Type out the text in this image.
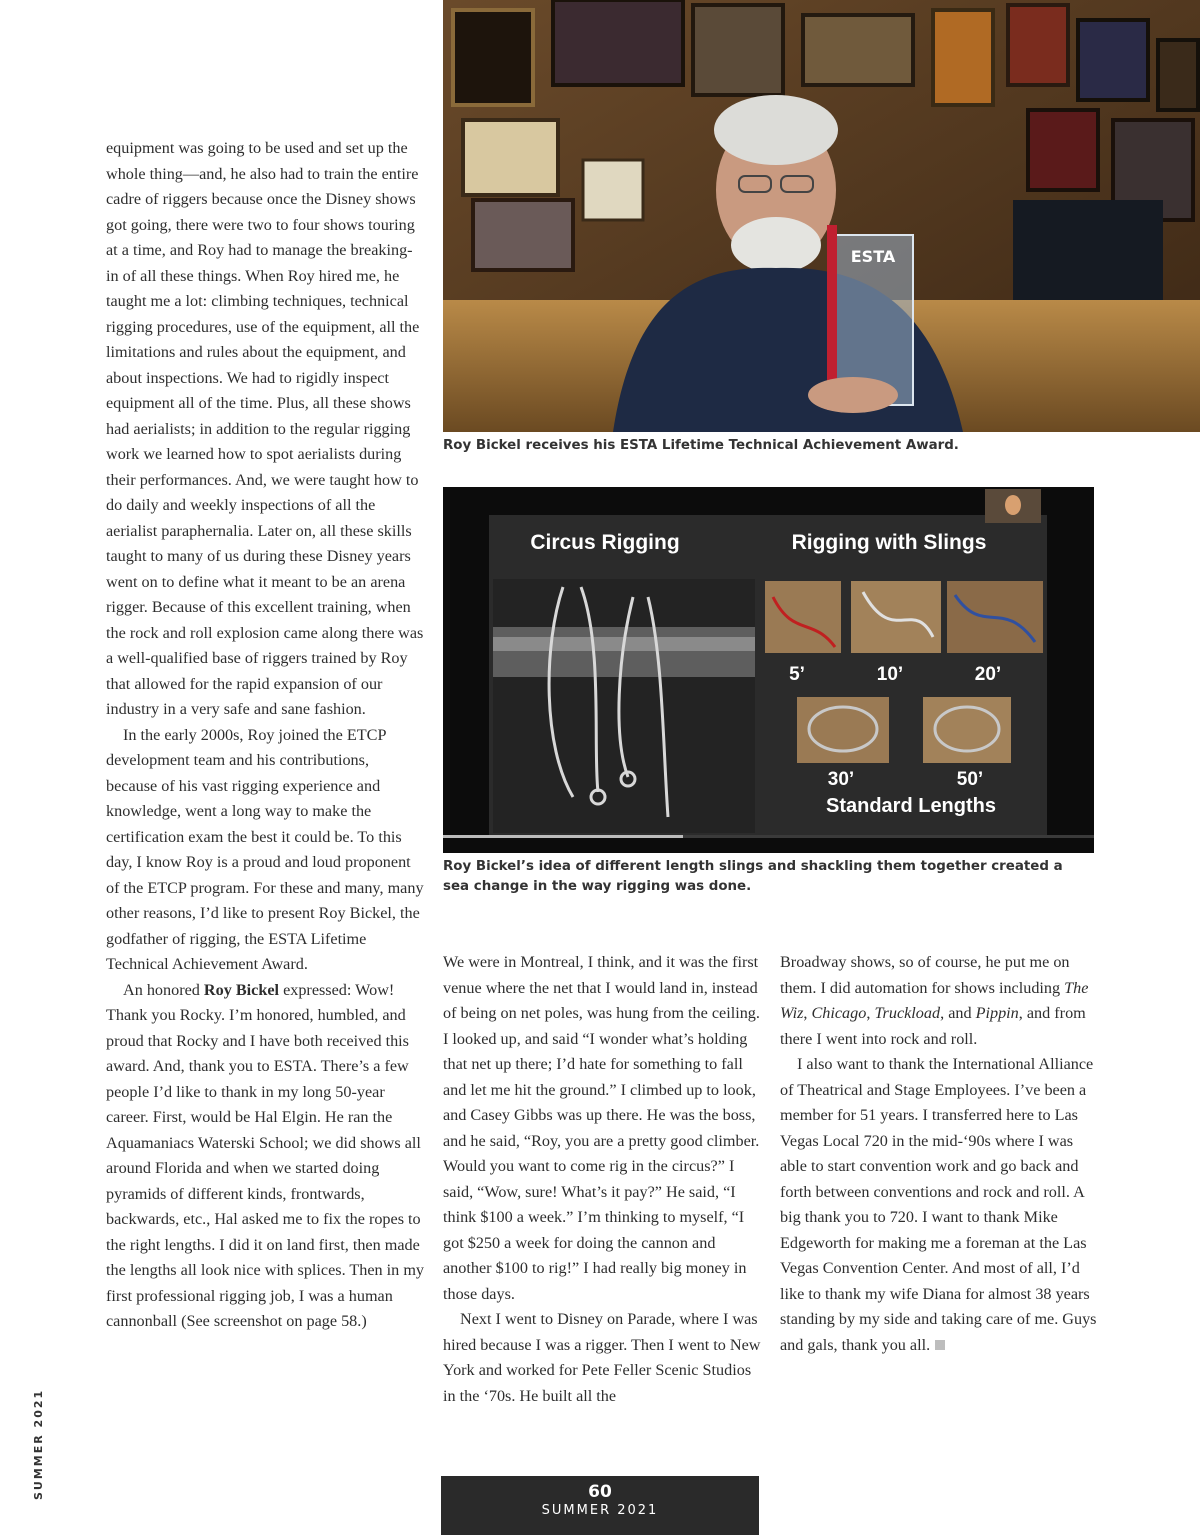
ESTA
Roy Bickel receives his ESTA Lifetime Technical Achievement Award.
Circus Rigging	Rigging with Slings
5’	10’	20’
30’	50’
Standard Lengths
Roy Bickel’s idea of different length slings and shackling them together created a sea change in the way rigging was done.

equipment was going to be used and set up the whole thing—and, he also had to train the entire cadre of riggers because once the Disney shows got going, there were two to four shows touring at a time, and Roy had to manage the breaking-in of all these things. When Roy hired me, he taught me a lot: climbing techniques, technical rigging procedures, use of the equipment, all the limitations and rules about the equipment, and about inspections. We had to rigidly inspect equipment all of the time. Plus, all these shows had aerialists; in addition to the regular rigging work we learned how to spot aerialists during their performances. And, we were taught how to do daily and weekly inspections of all the aerialist paraphernalia. Later on, all these skills taught to many of us during these Disney years went on to define what it meant to be an arena rigger. Because of this excellent training, when the rock and roll explosion came along there was a well-qualified base of riggers trained by Roy that allowed for the rapid expansion of our industry in a very safe and sane fashion.

In the early 2000s, Roy joined the ETCP development team and his contributions, because of his vast rigging experience and knowledge, went a long way to make the certification exam the best it could be. To this day, I know Roy is a proud and loud proponent of the ETCP program. For these and many, many other reasons, I’d like to present Roy Bickel, the godfather of rigging, the ESTA Lifetime Technical Achievement Award.

An honored Roy Bickel expressed: Wow! Thank you Rocky. I’m honored, humbled, and proud that Rocky and I have both received this award. And, thank you to ESTA. There’s a few people I’d like to thank in my long 50-year career. First, would be Hal Elgin. He ran the Aquamaniacs Waterski School; we did shows all around Florida and when we started doing pyramids of different kinds, frontwards, backwards, etc., Hal asked me to fix the ropes to the right lengths. I did it on land first, then made the lengths all look nice with splices. Then in my first professional rigging job, I was a human cannonball (See screenshot on page 58.)

We were in Montreal, I think, and it was the first venue where the net that I would land in, instead of being on net poles, was hung from the ceiling. I looked up, and said “I wonder what’s holding that net up there; I’d hate for something to fall and let me hit the ground.” I climbed up to look, and Casey Gibbs was up there. He was the boss, and he said, “Roy, you are a pretty good climber. Would you want to come rig in the circus?” I said, “Wow, sure! What’s it pay?” He said, “I think $100 a week.” I’m thinking to myself, “I got $250 a week for doing the cannon and another $100 to rig!” I had really big money in those days.

Next I went to Disney on Parade, where I was hired because I was a rigger. Then I went to New York and worked for Pete Feller Scenic Studios in the ‘70s. He built all the

Broadway shows, so of course, he put me on them. I did automation for shows including The Wiz, Chicago, Truckload, and Pippin, and from there I went into rock and roll.

I also want to thank the International Alliance of Theatrical and Stage Employees. I’ve been a member for 51 years. I transferred here to Las Vegas Local 720 in the mid-‘90s where I was able to start convention work and go back and forth between conventions and rock and roll. A big thank you to 720. I want to thank Mike Edgeworth for making me a foreman at the Las Vegas Convention Center. And most of all, I’d like to thank my wife Diana for almost 38 years standing by my side and taking care of me. Guys and gals, thank you all.

SUMMER 2021	60
SUMMER 2021
